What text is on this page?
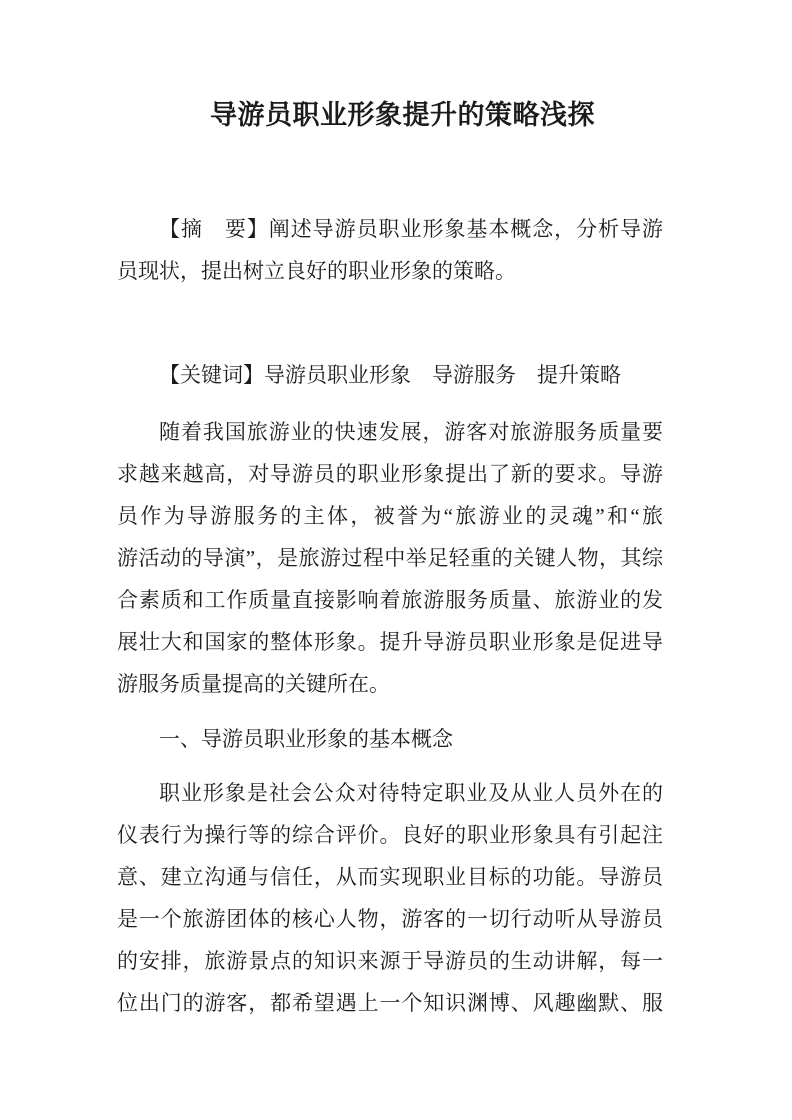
导游员职业形象提升的策略浅探
【摘　要】阐述导游员职业形象基本概念，分析导游
员现状，提出树立良好的职业形象的策略。
【关键词】导游员职业形象　导游服务　提升策略
随着我国旅游业的快速发展，游客对旅游服务质量要
求越来越高，对导游员的职业形象提出了新的要求。导游
员作为导游服务的主体，被誉为“旅游业的灵魂”和“旅
游活动的导演”，是旅游过程中举足轻重的关键人物，其综
合素质和工作质量直接影响着旅游服务质量、旅游业的发
展壮大和国家的整体形象。提升导游员职业形象是促进导
游服务质量提高的关键所在。
一、导游员职业形象的基本概念
职业形象是社会公众对待特定职业及从业人员外在的
仪表行为操行等的综合评价。良好的职业形象具有引起注
意、建立沟通与信任，从而实现职业目标的功能。导游员
是一个旅游团体的核心人物，游客的一切行动听从导游员
的安排，旅游景点的知识来源于导游员的生动讲解，每一
位出门的游客，都希望遇上一个知识渊博、风趣幽默、服
